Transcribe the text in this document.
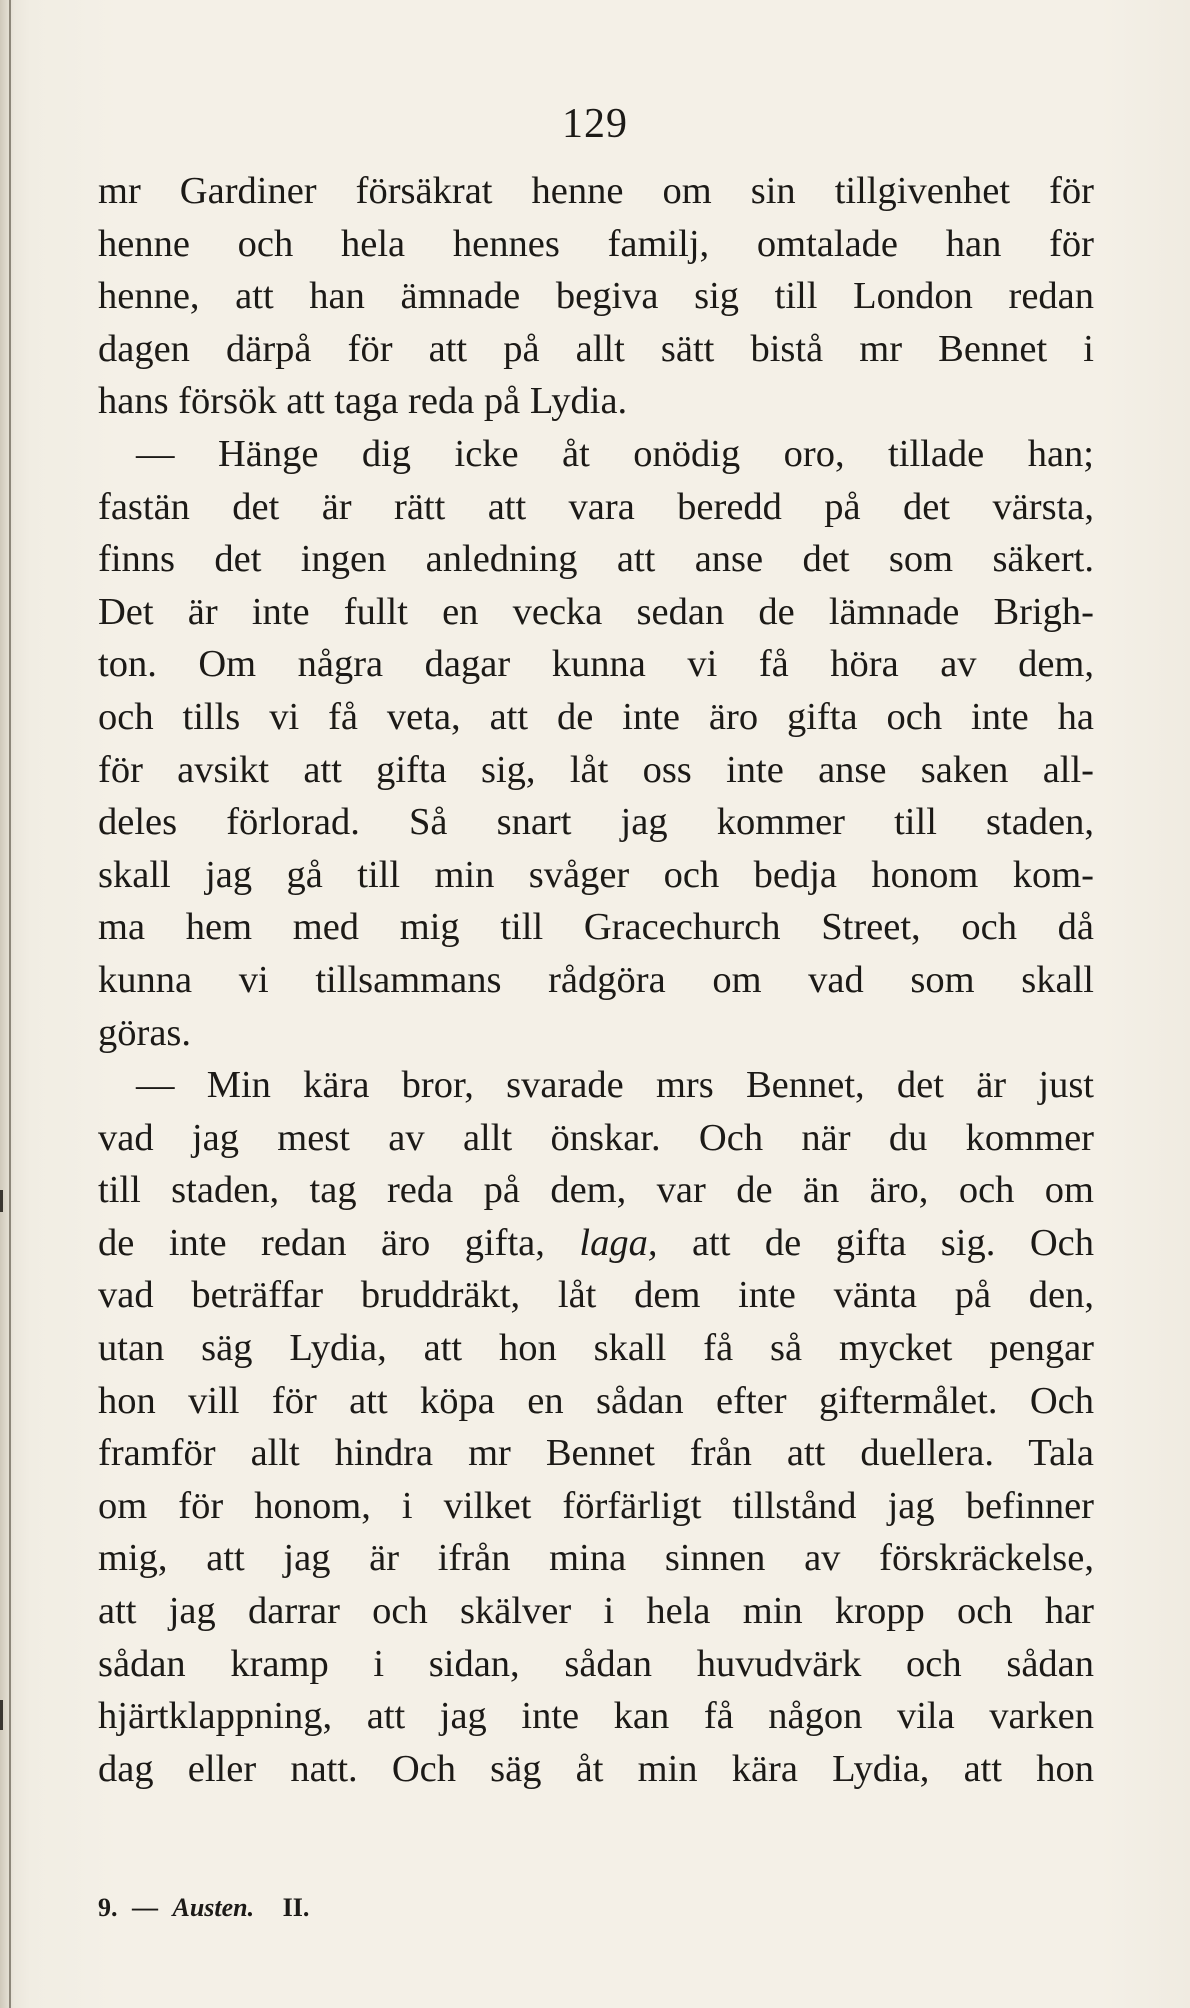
129

mr Gardiner försäkrat henne om sin tillgivenhet för

henne och hela hennes familj, omtalade han för

henne, att han ämnade begiva sig till London redan

dagen därpå för att på allt sätt bistå mr Bennet i

hans försök att taga reda på Lydia.

— Hänge dig icke åt onödig oro, tillade han;

fastän det är rätt att vara beredd på det värsta,

finns det ingen anledning att anse det som säkert.

Det är inte fullt en vecka sedan de lämnade Brigh-

ton. Om några dagar kunna vi få höra av dem,

och tills vi få veta, att de inte äro gifta och inte ha

för avsikt att gifta sig, låt oss inte anse saken all-

deles förlorad. Så snart jag kommer till staden,

skall jag gå till min svåger och bedja honom kom-

ma hem med mig till Gracechurch Street, och då

kunna vi tillsammans rådgöra om vad som skall

göras.

— Min kära bror, svarade mrs Bennet, det är just

vad jag mest av allt önskar. Och när du kommer

till staden, tag reda på dem, var de än äro, och om

de inte redan äro gifta, laga, att de gifta sig. Och

vad beträffar bruddräkt, låt dem inte vänta på den,

utan säg Lydia, att hon skall få så mycket pengar

hon vill för att köpa en sådan efter giftermålet. Och

framför allt hindra mr Bennet från att duellera. Tala

om för honom, i vilket förfärligt tillstånd jag befinner

mig, att jag är ifrån mina sinnen av förskräckelse,

att jag darrar och skälver i hela min kropp och har

sådan kramp i sidan, sådan huvudvärk och sådan

hjärtklappning, att jag inte kan få någon vila varken

dag eller natt. Och säg åt min kära Lydia, att hon

9. — Austen. II.
